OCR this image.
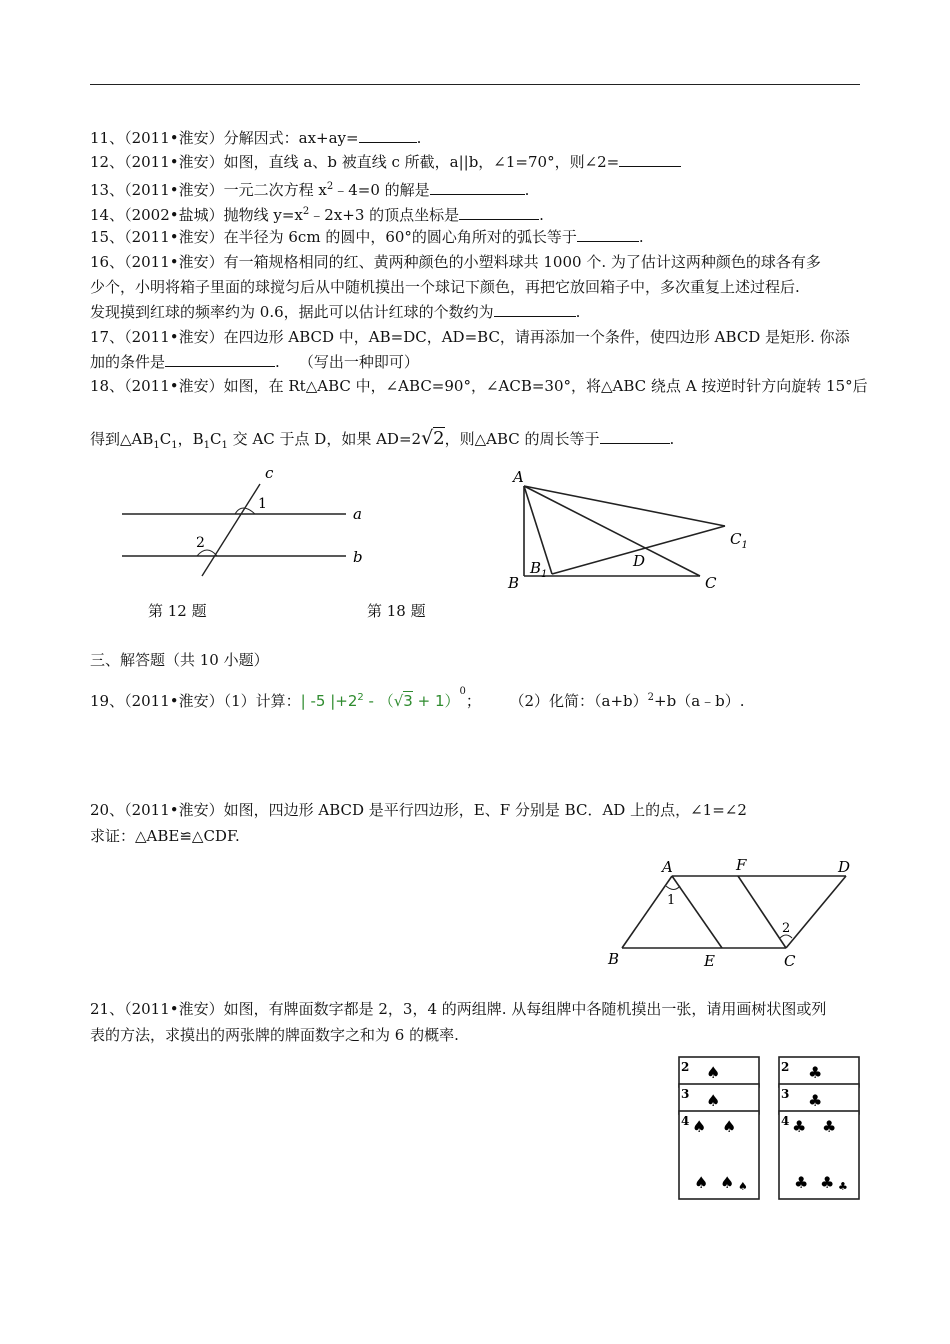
11、（2011•淮安）分解因式：ax+ay=	.
12、（2011•淮安）如图，直线 a、b 被直线 c 所截，a||b，∠1=70°，则∠2=
13、（2011•淮安）一元二次方程 $x^2﹣4=0$ 的解是	.
14、（2002•盐城）抛物线 $y=x^2﹣2x+3$ 的顶点坐标是	.
15、（2011•淮安）在半径为 6cm 的圆中，60°的圆心角所对的弧长等于	.
16、（2011•淮安）有一箱规格相同的红、黄两种颜色的小塑料球共 1000 个. 为了估计这两种颜色的球各有多
少个，小明将箱子里面的球搅匀后从中随机摸出一个球记下颜色，再把它放回箱子中，多次重复上述过程后.
发现摸到红球的频率约为 0.6，据此可以估计红球的个数约为	.
17、（2011•淮安）在四边形 ABCD 中，AB=DC，AD=BC，请再添加一个条件，使四边形 ABCD 是矩形. 你添
加的条件是	. （写出一种即可）
18、（2011•淮安）如图，在 Rt△ABC 中，∠ABC=90°，∠ACB=30°，将△ABC 绕点 A 按逆时针方向旋转 15°后
得到$\triangle AB_1C_1$，$B_1C_1$ 交 AC 于点 D，如果 AD=2√2，则△ABC 的周长等于	.
c
a
b
1
2
第 12 题
A
B	C
$C_1$
$B_1$
D
第 18 题
三、解答题（共 10 小题）
19、（2011•淮安）（1）计算：| -5 $|+2^2 - (√3 + 1)^0$； （2）化简：$(a+b)^2+b(a﹣b)$.
20、（2011•淮安）如图，四边形 ABCD 是平行四边形，E、F 分别是 BC．AD 上的点，∠1=∠2
求证：△ABE≌△CDF.
A	F	D
B	E	C
1
2
21、（2011•淮安）如图，有牌面数字都是 2，3，4 的两组牌. 从每组牌中各随机摸出一张，请用画树状图或列
表的方法，求摸出的两张牌的牌面数字之和为 6 的概率.
2
3
4
♠
♠
♠ ♠
♠ ♠ ♠
2
3
4
♣
♣
♣ ♣
♣ ♣ ♣
